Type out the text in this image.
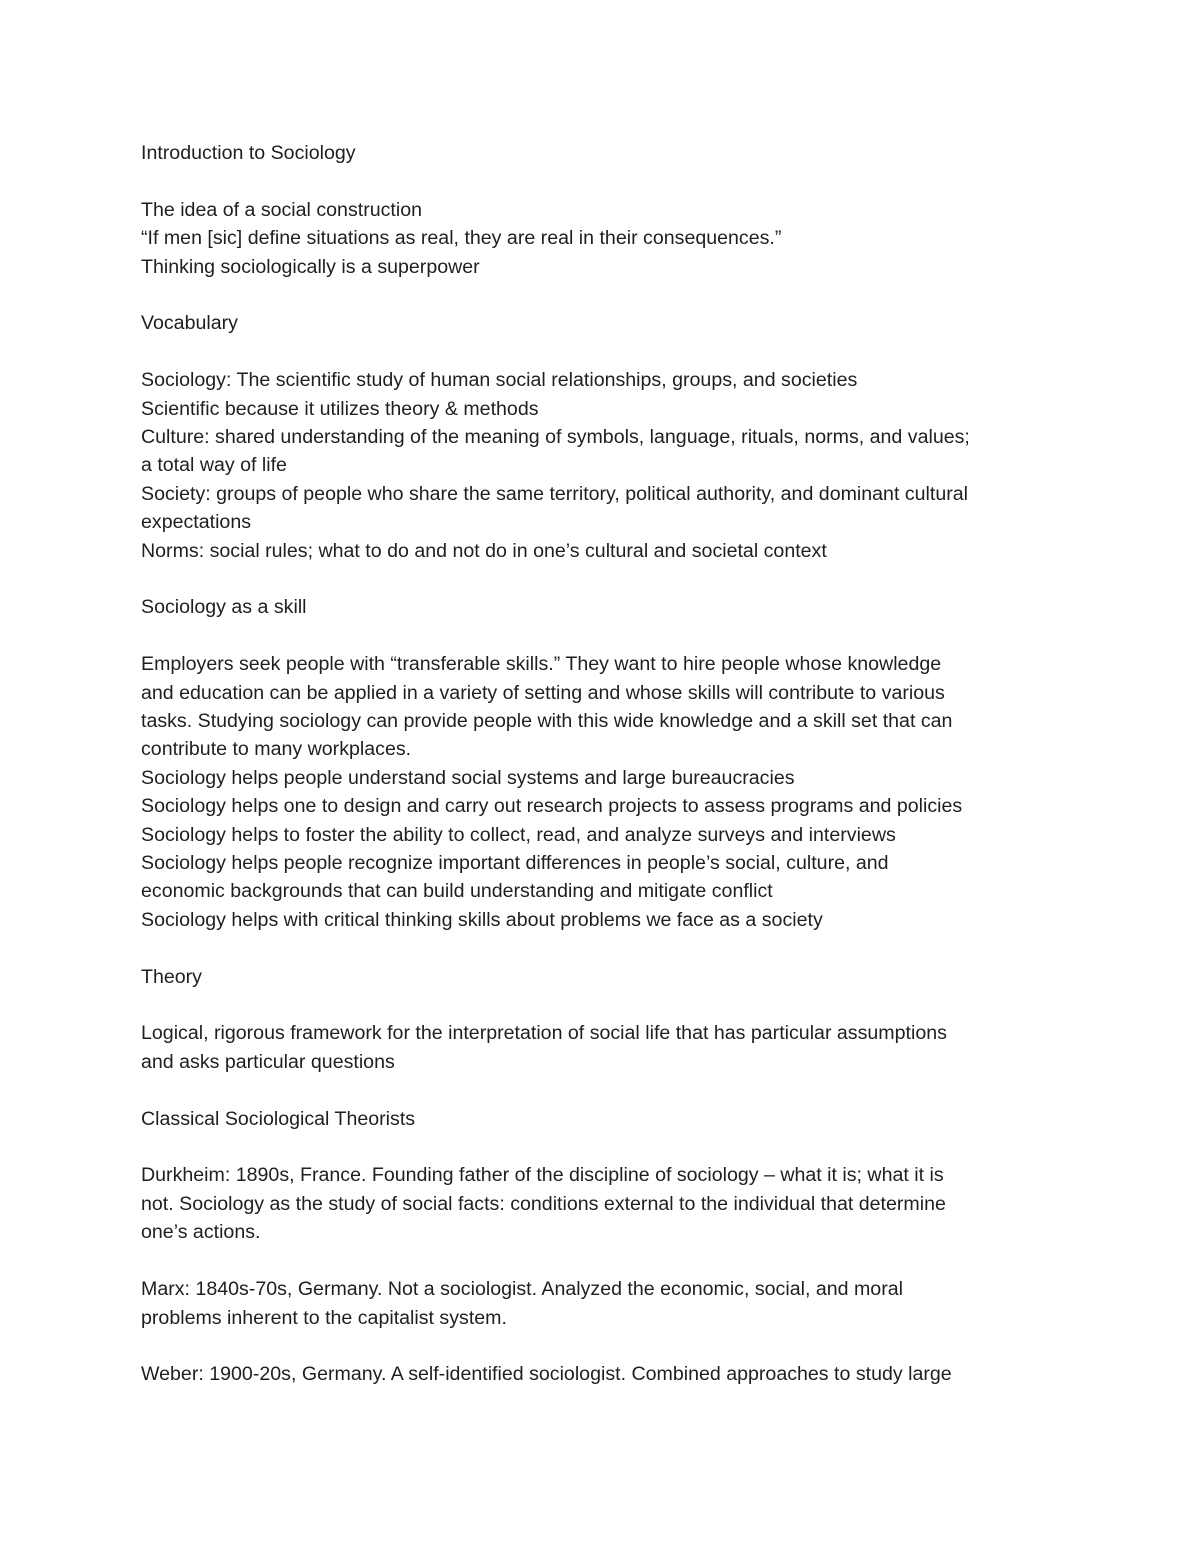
Introduction to Sociology

The idea of a social construction

“If men [sic] define situations as real, they are real in their consequences.”

Thinking sociologically is a superpower

Vocabulary

Sociology: The scientific study of human social relationships, groups, and societies

Scientific because it utilizes theory & methods

Culture: shared understanding of the meaning of symbols, language, rituals, norms, and values;

a total way of life

Society: groups of people who share the same territory, political authority, and dominant cultural

expectations

Norms: social rules; what to do and not do in one’s cultural and societal context

Sociology as a skill

Employers seek people with “transferable skills.” They want to hire people whose knowledge

and education can be applied in a variety of setting and whose skills will contribute to various

tasks. Studying sociology can provide people with this wide knowledge and a skill set that can

contribute to many workplaces.

Sociology helps people understand social systems and large bureaucracies

Sociology helps one to design and carry out research projects to assess programs and policies

Sociology helps to foster the ability to collect, read, and analyze surveys and interviews

Sociology helps people recognize important differences in people’s social, culture, and

economic backgrounds that can build understanding and mitigate conflict

Sociology helps with critical thinking skills about problems we face as a society

Theory

Logical, rigorous framework for the interpretation of social life that has particular assumptions

and asks particular questions

Classical Sociological Theorists

Durkheim: 1890s, France. Founding father of the discipline of sociology – what it is; what it is

not. Sociology as the study of social facts: conditions external to the individual that determine

one’s actions.

Marx: 1840s-70s, Germany. Not a sociologist. Analyzed the economic, social, and moral

problems inherent to the capitalist system.

Weber: 1900-20s, Germany. A self-identified sociologist. Combined approaches to study large
